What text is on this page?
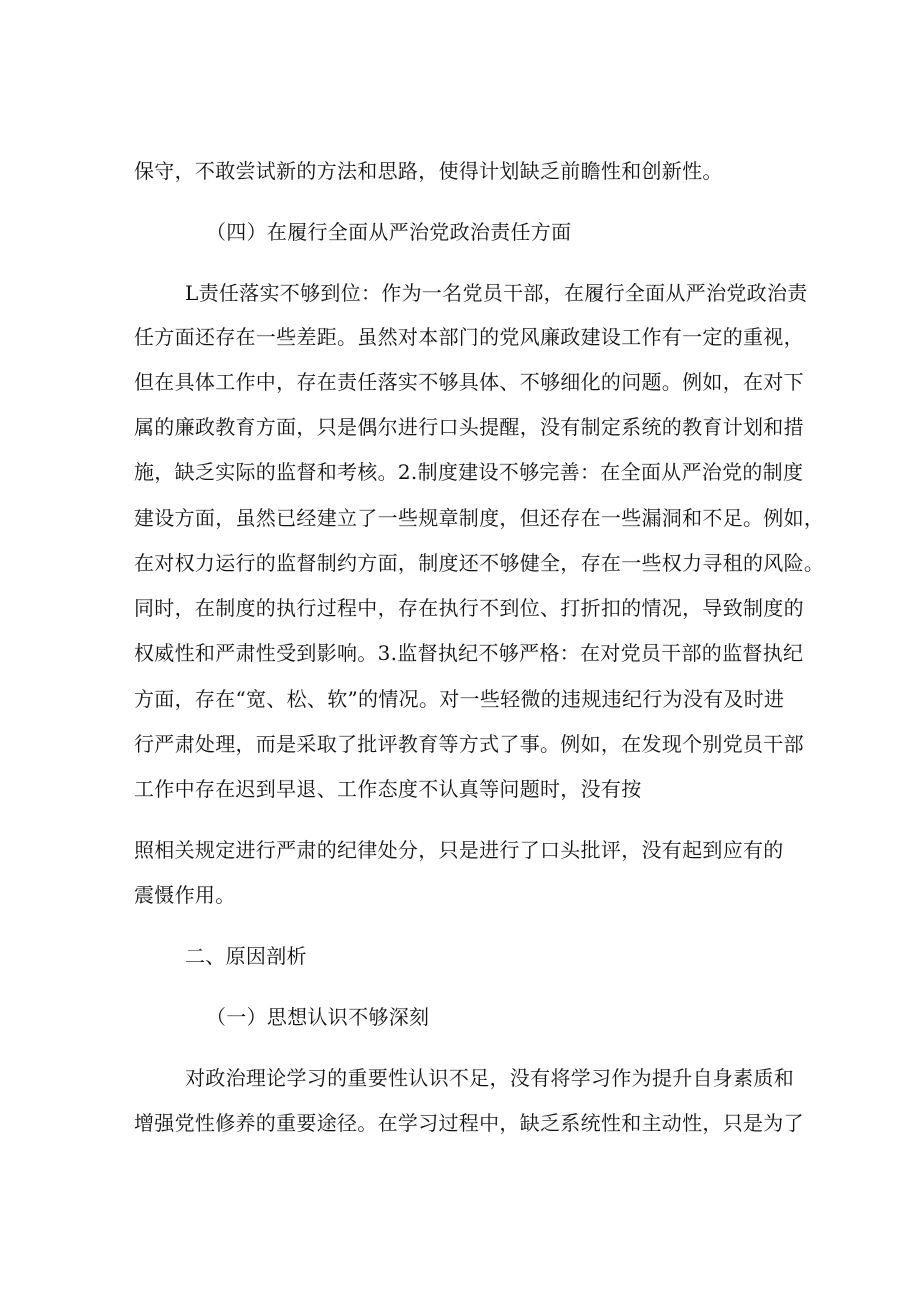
保守，不敢尝试新的方法和思路，使得计划缺乏前瞻性和创新性。
（四）在履行全面从严治党政治责任方面
L责任落实不够到位：作为一名党员干部，在履行全面从严治党政治责
任方面还存在一些差距。虽然对本部门的党风廉政建设工作有一定的重视，
但在具体工作中，存在责任落实不够具体、不够细化的问题。例如，在对下
属的廉政教育方面，只是偶尔进行口头提醒，没有制定系统的教育计划和措
施，缺乏实际的监督和考核。2.制度建设不够完善：在全面从严治党的制度
建设方面，虽然已经建立了一些规章制度，但还存在一些漏洞和不足。例如，
在对权力运行的监督制约方面，制度还不够健全，存在一些权力寻租的风险。
同时，在制度的执行过程中，存在执行不到位、打折扣的情况，导致制度的
权威性和严肃性受到影响。3.监督执纪不够严格：在对党员干部的监督执纪
方面，存在“宽、松、软”的情况。对一些轻微的违规违纪行为没有及时进
行严肃处理，而是采取了批评教育等方式了事。例如，在发现个别党员干部
工作中存在迟到早退、工作态度不认真等问题时，没有按
照相关规定进行严肃的纪律处分，只是进行了口头批评，没有起到应有的
震慑作用。
二、原因剖析
（一）思想认识不够深刻
对政治理论学习的重要性认识不足，没有将学习作为提升自身素质和
增强党性修养的重要途径。在学习过程中，缺乏系统性和主动性，只是为了
